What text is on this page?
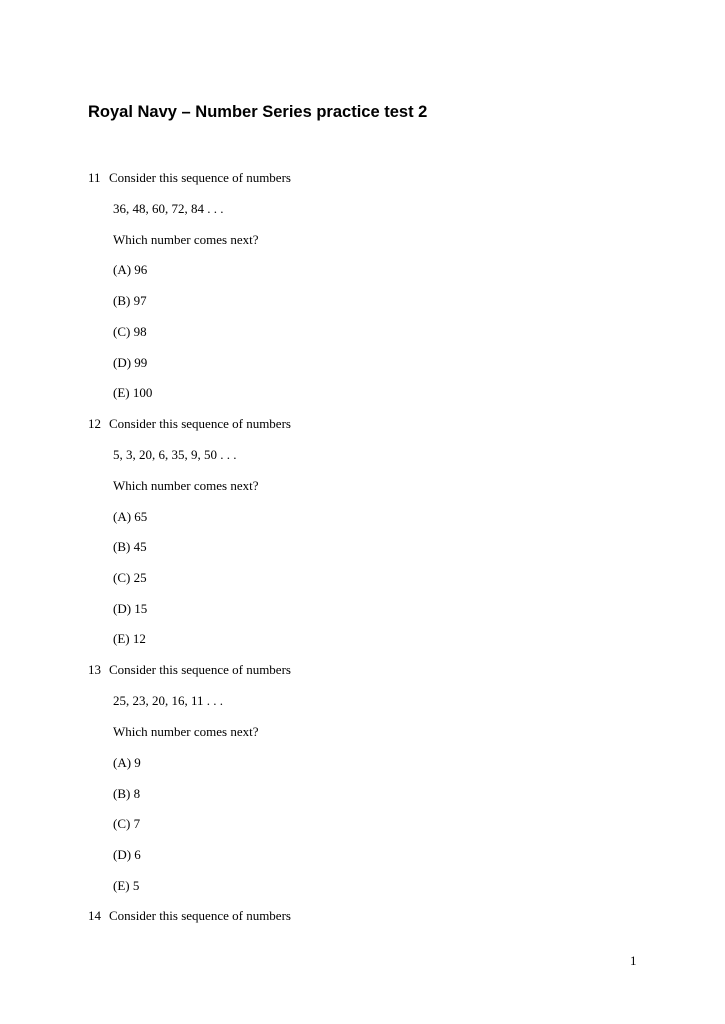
Royal Navy – Number Series practice test 2
11 Consider this sequence of numbers
36, 48, 60, 72, 84 . . .
Which number comes next?
(A) 96
(B) 97
(C) 98
(D) 99
(E) 100
12 Consider this sequence of numbers
5, 3, 20, 6, 35, 9, 50 . . .
Which number comes next?
(A) 65
(B) 45
(C) 25
(D) 15
(E) 12
13 Consider this sequence of numbers
25, 23, 20, 16, 11 . . .
Which number comes next?
(A) 9
(B) 8
(C) 7
(D) 6
(E) 5
14 Consider this sequence of numbers
1
